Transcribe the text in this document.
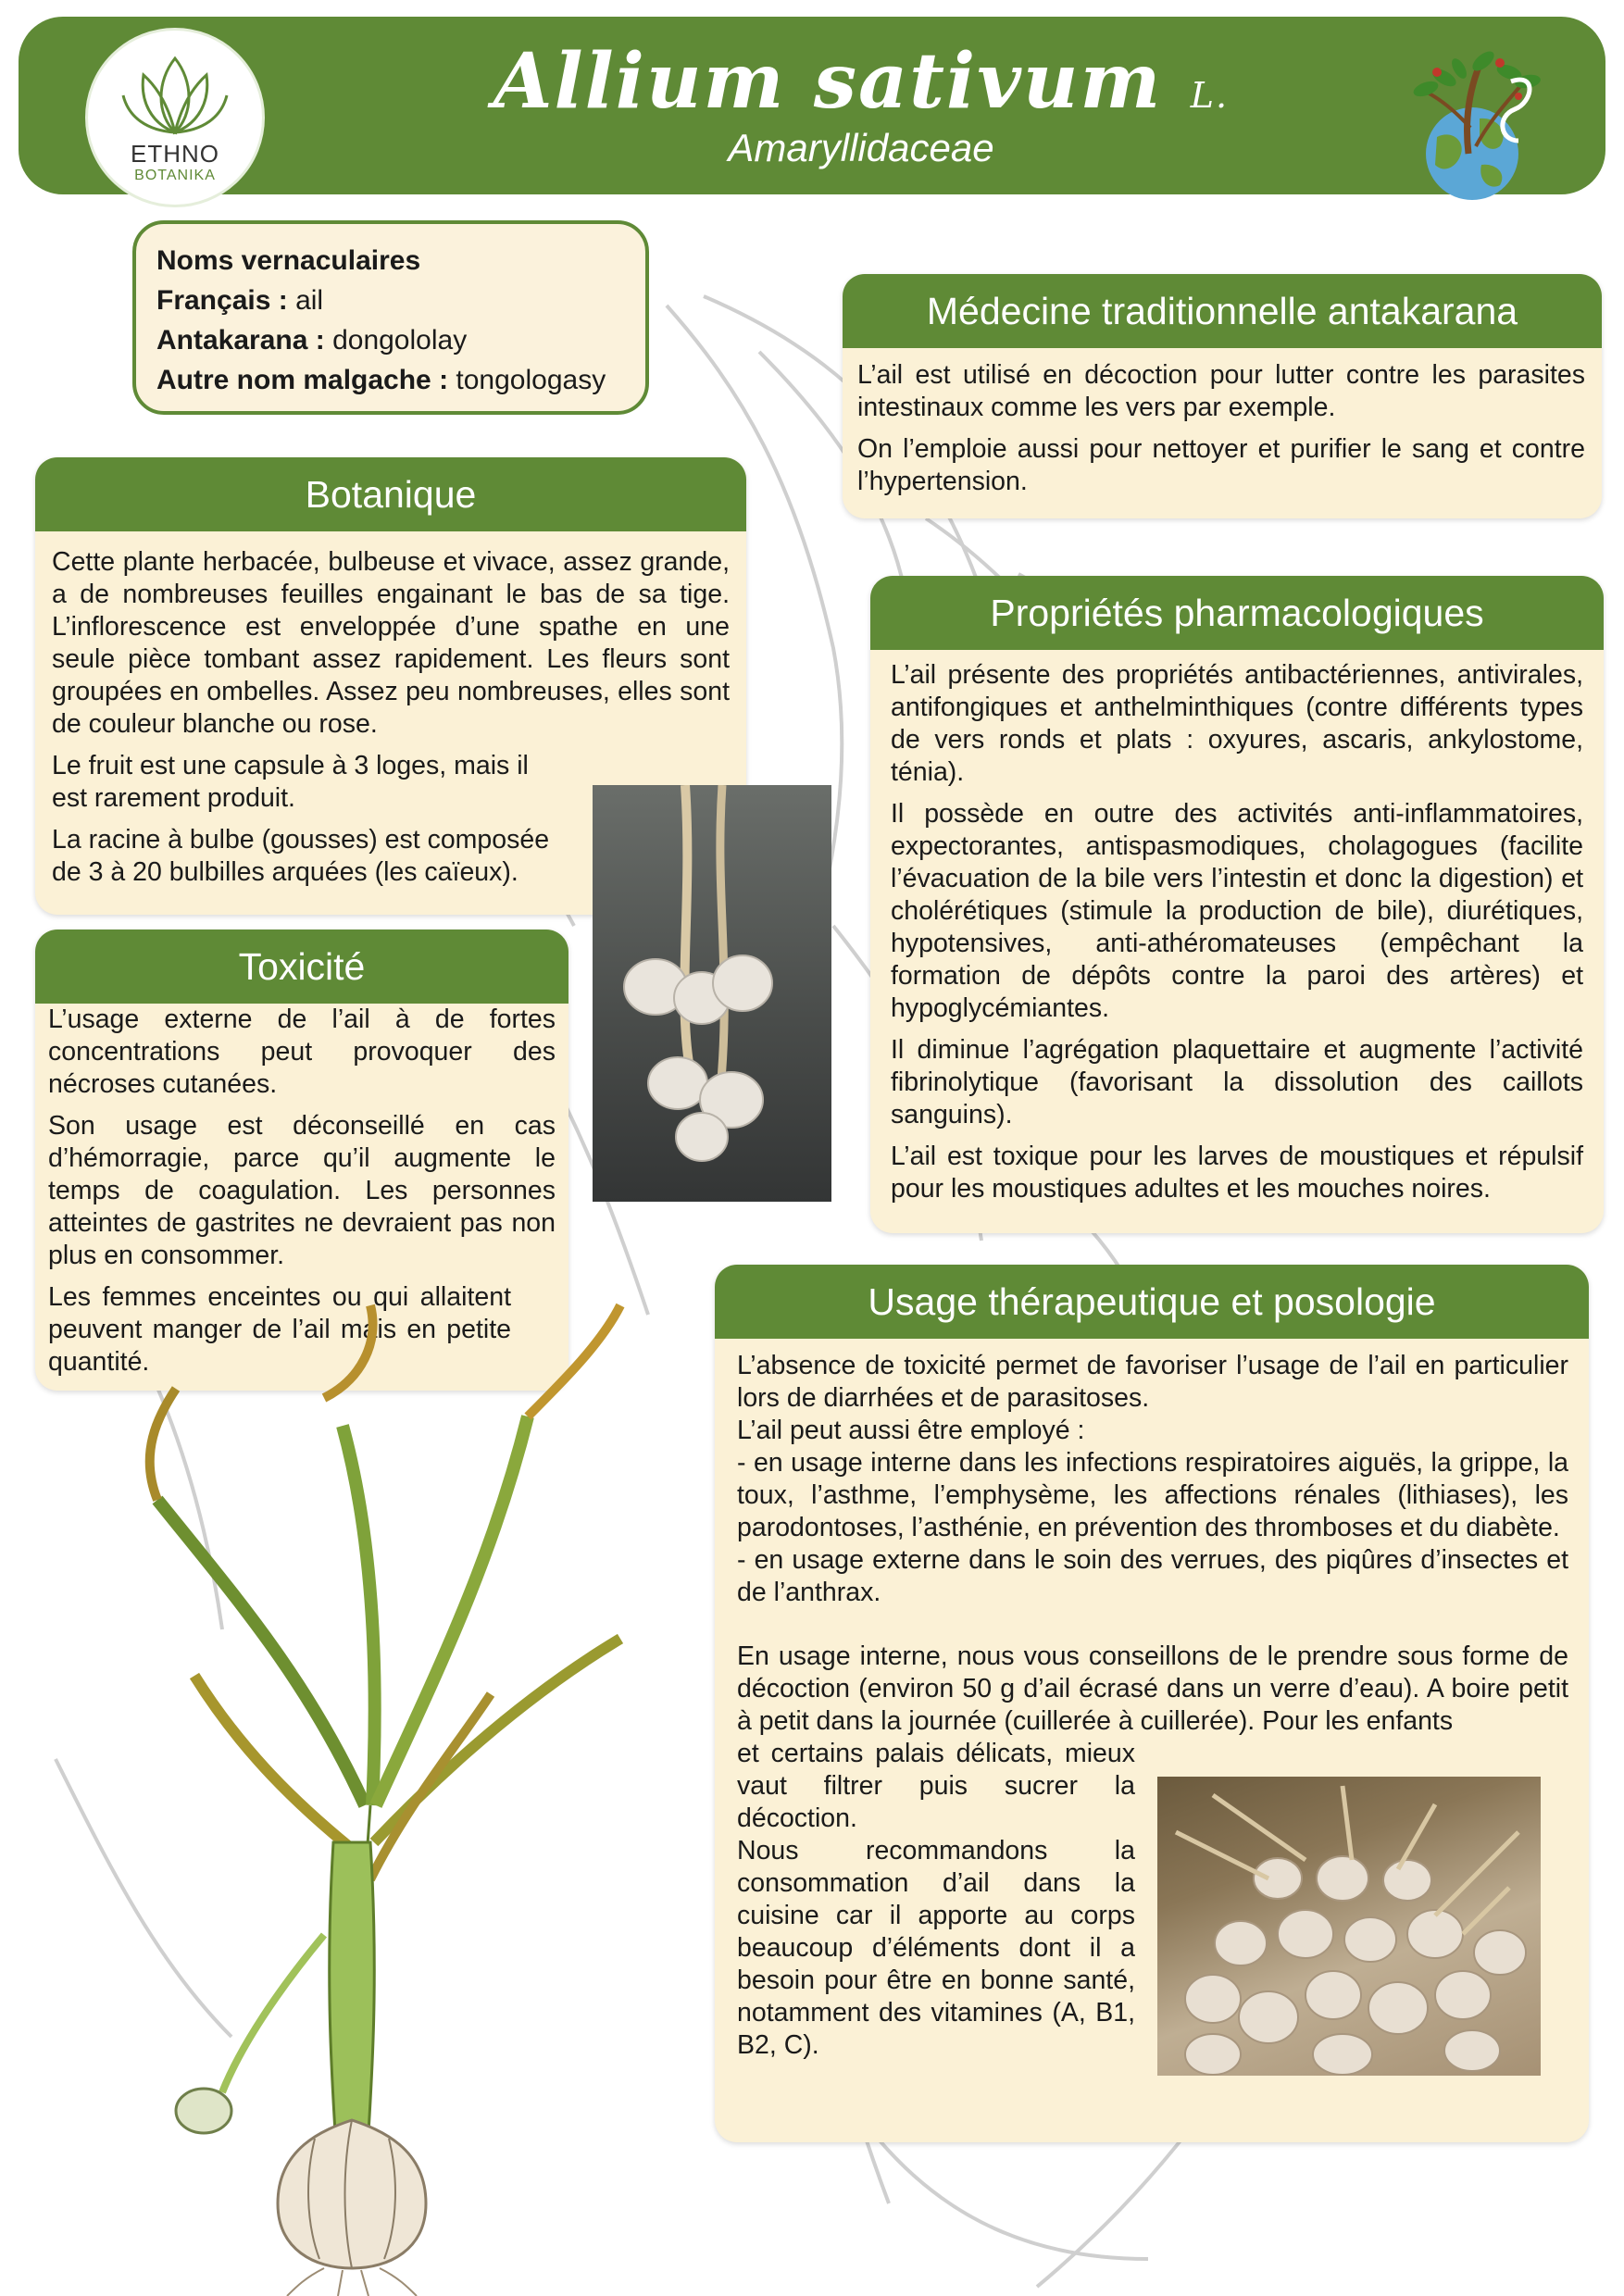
ETHNO
BOTANIKA
Allium sativum L.
Amaryllidaceae
Noms vernaculaires
Français : ail
Antakarana : dongololay
Autre nom malgache : tongologasy
Médecine traditionnelle antakarana

L’ail est utilisé en décoction pour lutter contre les parasites intestinaux comme les vers par exemple.

On l’emploie aussi pour nettoyer et purifier le sang et contre l’hypertension.

Botanique

Cette plante herbacée, bulbeuse et vivace, assez grande, a de nombreuses feuilles engainant le bas de sa tige. L’inflorescence est enveloppée d’une spathe en une seule pièce tombant assez rapidement. Les fleurs sont groupées en ombelles. Assez peu nombreuses, elles sont de couleur blanche ou rose.

Le fruit est une capsule à 3 loges, mais il est rarement produit.

La racine à bulbe (gousses) est composée de 3 à 20 bulbilles arquées (les caïeux).

Propriétés pharmacologiques

L’ail présente des propriétés antibactériennes, antivirales, antifongiques et anthelminthiques (contre différents types de vers ronds et plats : oxyures, ascaris, ankylostome, ténia).

Il possède en outre des activités anti-inflammatoires, expectorantes, antispasmodiques, cholagogues (facilite l’évacuation de la bile vers l’intestin et donc la digestion) et cholérétiques (stimule la production de bile), diurétiques, hypotensives, anti-athéromateuses (empêchant la formation de dépôts contre la paroi des artères) et hypoglycémiantes.

Il diminue l’agrégation plaquettaire et augmente l’activité fibrinolytique (favorisant la dissolution des caillots sanguins).

L’ail est toxique pour les larves de moustiques et répulsif pour les moustiques adultes et les mouches noires.

Toxicité

L’usage externe de l’ail à de fortes concentrations peut provoquer des nécroses cutanées.

Son usage est déconseillé en cas d’hémorragie, parce qu’il augmente le temps de coagulation. Les personnes atteintes de gastrites ne devraient pas non plus en consommer.

Les femmes enceintes ou qui allaitent peuvent manger de l’ail mais en petite quantité.

Usage thérapeutique et posologie

L’absence de toxicité permet de favoriser l’usage de l’ail en particulier lors de diarrhées et de parasitoses.

L’ail peut aussi être employé :

- en usage interne dans les infections respiratoires aiguës, la grippe, la toux, l’asthme, l’emphysème, les affections rénales (lithiases), les parodontoses, l’asthénie, en prévention des thromboses et du diabète.

- en usage externe dans le soin des verrues, des piqûres d’insectes et de l’anthrax.

En usage interne, nous vous conseillons de le prendre sous forme de décoction (environ 50 g d’ail écrasé dans un verre d’eau). A boire petit à petit dans la journée (cuillerée à cuillerée). Pour les enfants

et certains palais délicats, mieux vaut filtrer puis sucrer la décoction.

Nous recommandons la consommation d’ail dans la cuisine car il apporte au corps beaucoup d’éléments dont il a besoin pour être en bonne santé, notamment des vitamines (A, B1, B2, C).
